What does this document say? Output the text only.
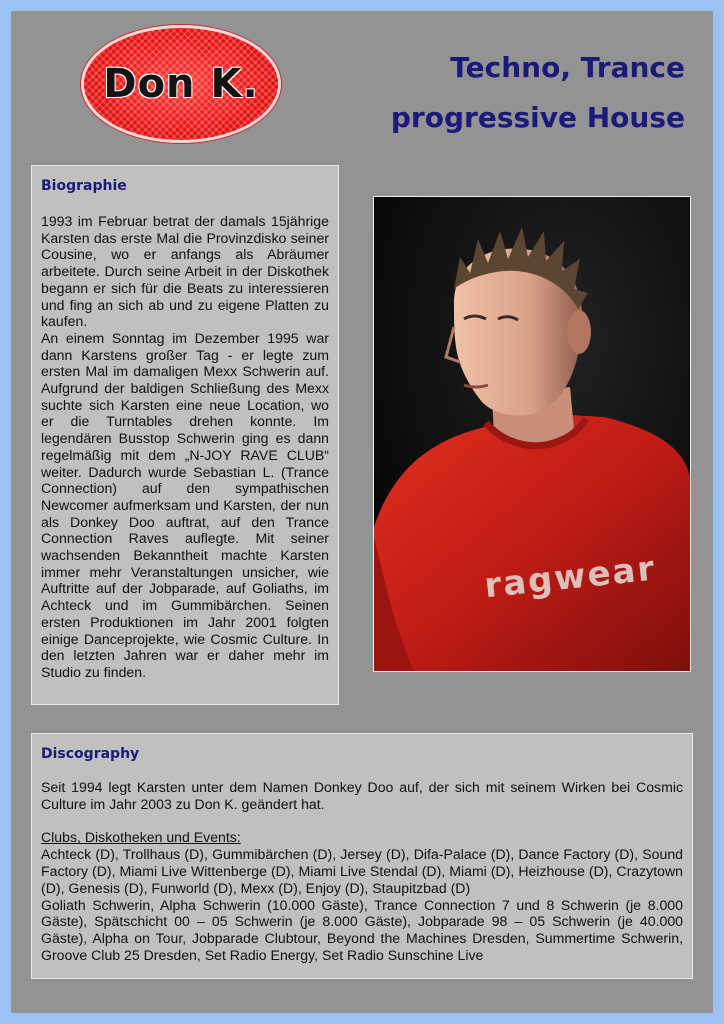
Don K.	Techno, Trance
progressive House
Biographie

1993 im Februar betrat der damals 15jährige Karsten das erste Mal die Provinzdisko seiner Cousine, wo er anfangs als Abräumer arbeitete. Durch seine Arbeit in der Diskothek begann er sich für die Beats zu interessieren und fing an sich ab und zu eigene Platten zu kaufen.

An einem Sonntag im Dezember 1995 war dann Karstens großer Tag - er legte zum ersten Mal im damaligen Mexx Schwerin auf. Aufgrund der baldigen Schließung des Mexx suchte sich Karsten eine neue Location, wo er die Turntables drehen konnte. Im legendären Busstop Schwerin ging es dann regelmäßig mit dem „N-JOY RAVE CLUB“ weiter. Dadurch wurde Sebastian L. (Trance Connection) auf den sympathischen Newcomer aufmerksam und Karsten, der nun als Donkey Doo auftrat, auf den Trance Connection Raves auflegte. Mit seiner wachsenden Bekanntheit machte Karsten immer mehr Veranstaltungen unsicher, wie Auftritte auf der Jobparade, auf Goliaths, im Achteck und im Gummibärchen. Seinen ersten Produktionen im Jahr 2001 folgten einige Danceprojekte, wie Cosmic Culture. In den letzten Jahren war er daher mehr im Studio zu finden.

ragwear
Discography

Seit 1994 legt Karsten unter dem Namen Donkey Doo auf, der sich mit seinem Wirken bei Cosmic Culture im Jahr 2003 zu Don K. geändert hat.

Clubs, Diskotheken und Events:

Achteck (D), Trollhaus (D), Gummibärchen (D), Jersey (D), Difa-Palace (D), Dance Factory (D), Sound Factory (D), Miami Live Wittenberge (D), Miami Live Stendal (D), Miami (D), Heizhouse (D), Crazytown (D), Genesis (D), Funworld (D), Mexx (D), Enjoy (D), Staupitzbad (D)

Goliath Schwerin, Alpha Schwerin (10.000 Gäste), Trance Connection 7 und 8 Schwerin (je 8.000 Gäste), Spätschicht 00 – 05 Schwerin (je 8.000 Gäste), Jobparade 98 – 05 Schwerin (je 40.000 Gäste), Alpha on Tour, Jobparade Clubtour, Beyond the Machines Dresden, Summertime Schwerin, Groove Club 25 Dresden, Set Radio Energy, Set Radio Sunschine Live
